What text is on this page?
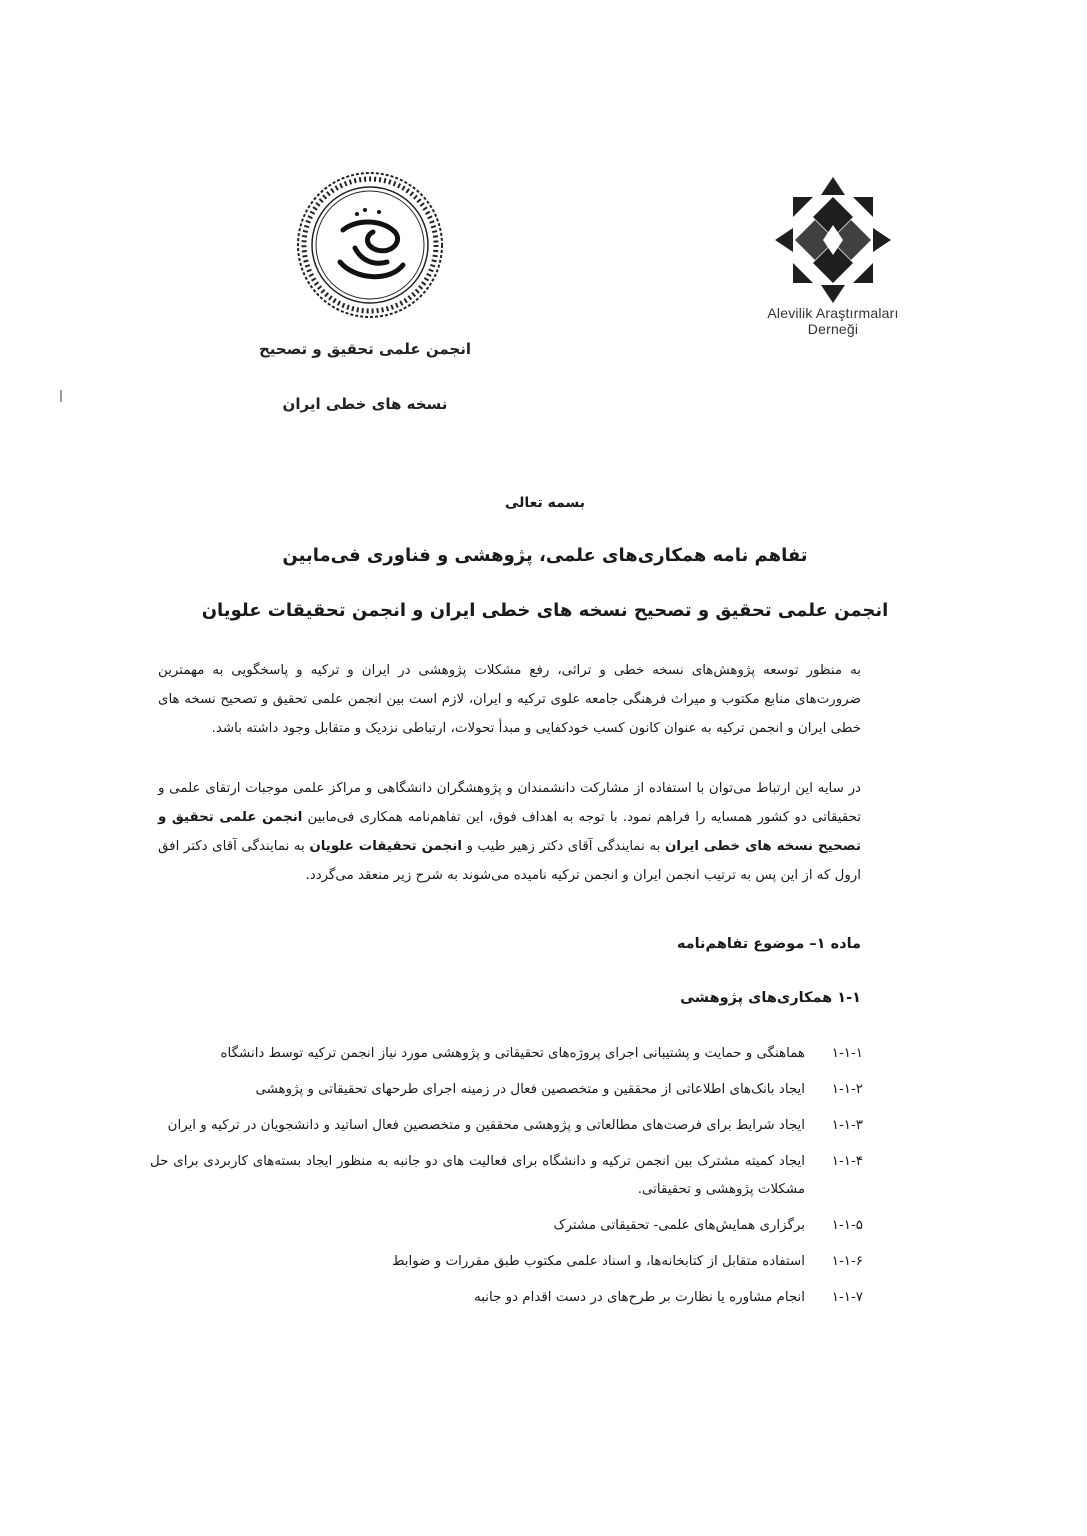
انجمن علمی تحقیق و تصحیح
نسخه های خطی ایران
Alevilik Araştırmaları Derneği
بسمه تعالی
تفاهم نامه همکاری‌های علمی، پژوهشی و فناوری فی‌مابین
انجمن علمی تحقیق و تصحیح نسخه های خطی ایران و انجمن تحقیقات علویان

به منظور توسعه پژوهش‌های نسخه خطی و تراثی، رفع مشکلات پژوهشی در ایران و ترکیه و پاسخگویی به مهمترین ضرورت‌های منابع مکتوب و میراث فرهنگی جامعه علوی ترکیه و ایران، لازم است بین انجمن علمی تحقیق و تصحیح نسخه های خطی ایران و انجمن ترکیه به عنوان کانون کسب خودکفایی و مبدأ تحولات، ارتباطی نزدیک و متقابل وجود داشته باشد.

در سایه این ارتباط می‌توان با استفاده از مشارکت دانشمندان و پژوهشگران دانشگاهی و مراکز علمی موجبات ارتقای علمی و تحقیقاتی دو کشور همسایه را فراهم نمود. با توجه به اهداف فوق، این تفاهم‌نامه همکاری فی‌مابین انجمن علمی تحقیق و تصحیح نسخه های خطی ایران به نمایندگی آقای دکتر زهیر طیب و انجمن تحقیقات علویان به نمایندگی آقای دکتر افق ارول که از این پس به ترتیب انجمن ایران و انجمن ترکیه نامیده می‌شوند به شرح زیر منعقد می‌گردد.

ماده ۱– موضوع تفاهم‌نامه
۱-۱ همکاری‌های پژوهشی
۱-۱-۱
هماهنگی و حمایت و پشتیبانی اجرای پروژه‌های تحقیقاتی و پژوهشی مورد نیاز انجمن ترکیه توسط دانشگاه
۱-۱-۲
ایجاد بانک‌های اطلاعاتی از محققین و متخصصین فعال در زمینه اجرای طرحهای تحقیقاتی و پژوهشی
۱-۱-۳
ایجاد شرایط برای فرصت‌های مطالعاتی و پژوهشی محققین و متخصصین فعال اساتید و دانشجویان در ترکیه و ایران
۱-۱-۴
ایجاد کمیته مشترک بین انجمن ترکیه و دانشگاه برای فعالیت های دو جانبه به منظور ایجاد بسته‌های کاربردی برای حل مشکلات پژوهشی و تحقیقاتی.
۱-۱-۵
برگزاری همایش‌های علمی- تحقیقاتی مشترک
۱-۱-۶
استفاده متقابل از کتابخانه‌ها، و اسناد علمی مکتوب طبق مقررات و ضوابط
۱-۱-۷
انجام مشاوره یا نظارت بر طرح‌های در دست اقدام دو جانبه
